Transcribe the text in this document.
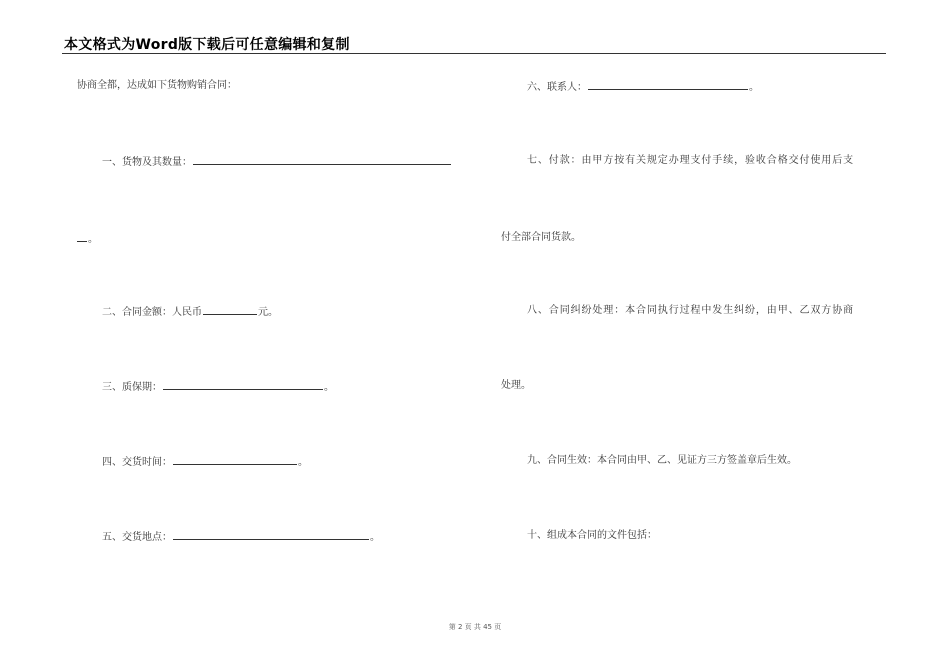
本文格式为Word版下载后可任意编辑和复制
协商全都，达成如下货物购销合同：
一、货物及其数量：
。
二、合同金额：人民币	元。
三、质保期：	。
四、交货时间：	。
五、交货地点：	。
六、联系人：	。
七、付款：由甲方按有关规定办理支付手续，验收合格交付使用后支
付全部合同货款。
八、合同纠纷处理：本合同执行过程中发生纠纷，由甲、乙双方协商
处理。
九、合同生效：本合同由甲、乙、见证方三方签盖章后生效。
十、组成本合同的文件包括：
第 2 页 共 45 页
